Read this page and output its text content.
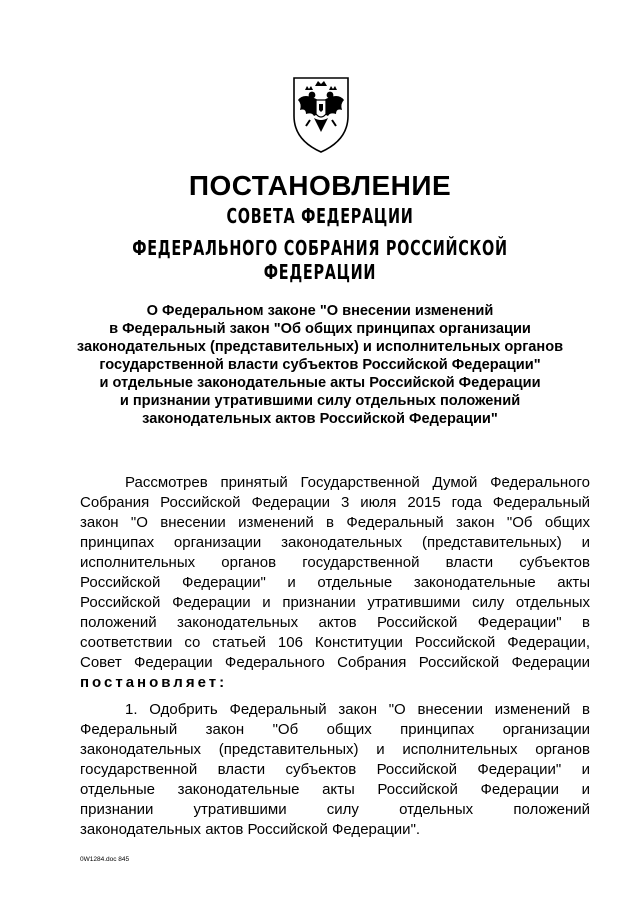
ПОСТАНОВЛЕНИЕ
СОВЕТА ФЕДЕРАЦИИ
ФЕДЕРАЛЬНОГО СОБРАНИЯ РОССИЙСКОЙ ФЕДЕРАЦИИ
О Федеральном законе "О внесении изменений
в Федеральный закон "Об общих принципах организации
законодательных (представительных) и исполнительных органов
государственной власти субъектов Российской Федерации"
и отдельные законодательные акты Российской Федерации
и признании утратившими силу отдельных положений
законодательных актов Российской Федерации"
Рассмотрев принятый Государственной Думой Федерального
Собрания Российской Федерации 3 июля 2015 года Федеральный
закон "О внесении изменений в Федеральный закон "Об общих
принципах организации законодательных (представительных) и
исполнительных органов государственной власти субъектов
Российской Федерации" и отдельные законодательные акты
Российской Федерации и признании утратившими силу отдельных
положений законодательных актов Российской Федерации" в
соответствии со статьей 106 Конституции Российской Федерации,
Совет Федерации Федерального Собрания Российской Федерации
постановляет:
1. Одобрить Федеральный закон "О внесении изменений в
Федеральный закон "Об общих принципах организации
законодательных (представительных) и исполнительных органов
государственной власти субъектов Российской Федерации" и
отдельные законодательные акты Российской Федерации и
признании утратившими силу отдельных положений
законодательных актов Российской Федерации".
0W1284.doc 845
